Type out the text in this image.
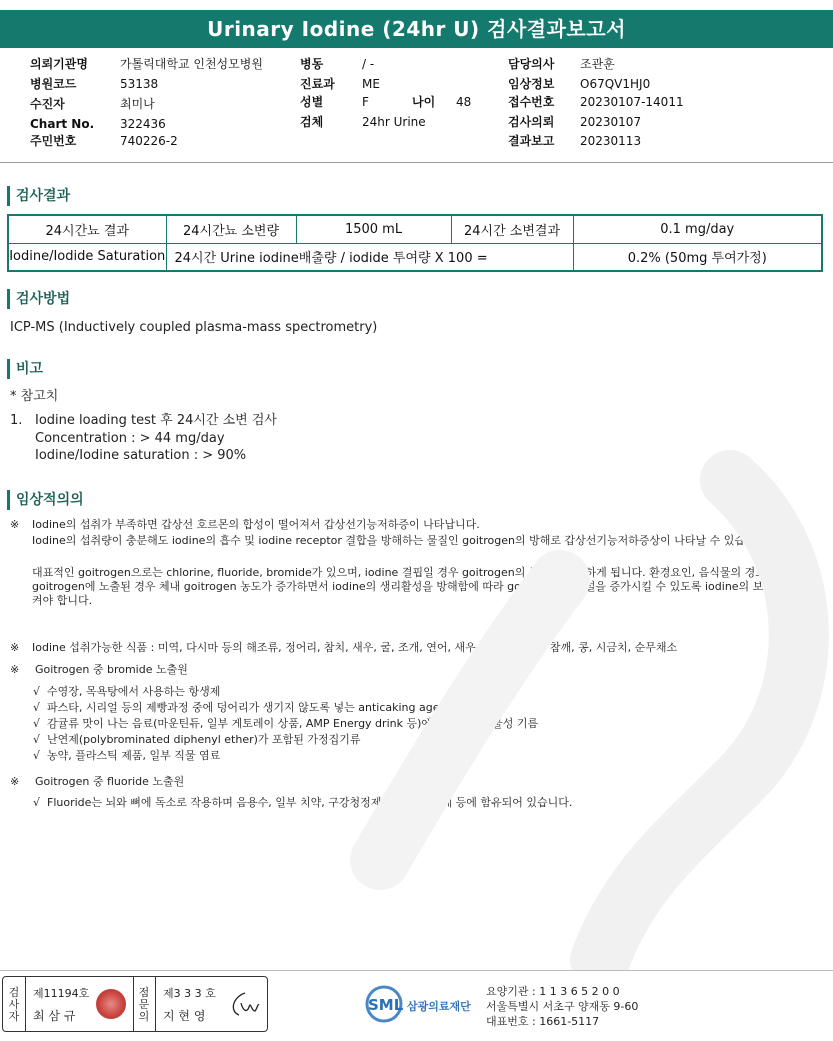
Urinary Iodine (24hr U) 검사결과보고서
의뢰기관명	가톨릭대학교 인천성모병원
병원코드	53138
수진자	최미나
Chart No. 322436
주민번호	740226-2
병동	/ -
진료과 ME
성별	F	나이 48
검체	24hr Urine
담당의사 조관훈
임상정보 O67QV1HJ0
접수번호 20230107-14011
검사의뢰 20230107
결과보고 20230113
검사결과
24시간뇨 결과	24시간뇨 소변량	1500 mL	24시간 소변결과	0.1 mg/day
Iodine/Iodide Saturation	24시간 Urine iodine배출량 / iodide 투여량 X 100 =			0.2% (50mg 투여가정)
검사방법
ICP-MS (Inductively coupled plasma-mass spectrometry)
비고
* 참고치
1. Iodine loading test 후 24시간 소변 검사
Concentration : > 44 mg/day
Iodine/Iodine saturation : > 90%
임상적의의
※ Iodine의 섭취가 부족하면 갑상선 호르몬의 합성이 떨어져서 갑상선기능저하증이 나타납니다.
Iodine의 섭취량이 충분해도 iodine의 흡수 및 iodine receptor 결합을 방해하는 물질인 goitrogen의 방해로 갑상선기능저하증상이 나타날 수 있습니다.
대표적인 goitrogen으로는 chlorine, fluoride, bromide가 있으며, iodine 결핍일 경우 goitrogen의 독성은 급증하게 됩니다. 환경요인, 음식물의 경로로 goitrogen에 노출된 경우 체내 goitrogen 농도가 증가하면서 iodine의 생리활성을 방해함에 따라 goitrogen의 배설을 증가시킬 수 있도록 iodine의 보충을 증가시켜야 합니다.
※ Iodine 섭취가능한 식품 : 미역, 다시마 등의 해조류, 정어리, 참치, 새우, 굴, 조개, 연어, 새우, 리마콩, 근대, 참깨, 콩, 시금치, 순무채소
※ Goitrogen 중 bromide 노출원
√ 수영장, 목욕탕에서 사용하는 항생제
√ 파스타, 시리얼 등의 제빵과정 중에 덩어리가 생기지 않도록 넣는 anticaking agent
√ 감귤류 맛이 나는 음료(마운틴듀, 일부 게토레이 상품, AMP Energy drink 등)에 첨가되는 식물성 기름
√ 난연제(polybrominated diphenyl ether)가 포함된 가정집기류
√ 농약, 플라스틱 제품, 일부 직물 염료
※ Goitrogen 중 fluoride 노출원
√ Fluoride는 뇌와 뼈에 독소로 작용하며 음용수, 일부 치약, 구강청정제, 치과치료용제 등에 함유되어 있습니다.
검
사
자
제11194호
최 삼 규
점
문
의
제3 3 3 호
지 현 영
SML 삼광의료재단
요양기관 : 1 1 3 6 5 2 0 0
서울특별시 서초구 양재동 9-60
대표번호 : 1661-5117
